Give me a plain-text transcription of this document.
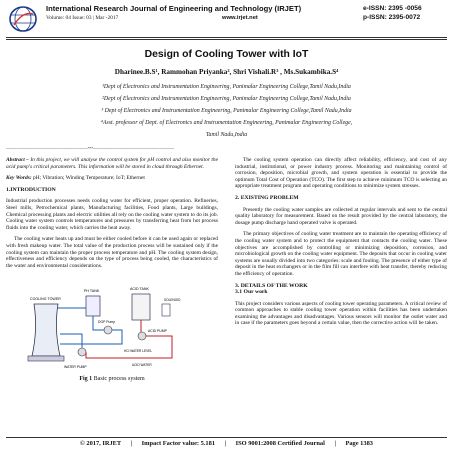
International Research Journal of Engineering and Technology (IRJET)	e-ISSN: 2395 -0056
p-ISSN: 2395-0072
Volume: 04 Issue: 03 | Mar -2017	www.irjet.net
Design of Cooling Tower with IoT
Dharinee.B.S¹, Rammohan Priyanka², Shri Vishali.R³ , Ms.Sukambika.S⁴
¹Dept of Electronics and Instrumentation Engineering, Panimalar Engineering College,Tamil Nadu,India
²Dept of Electronics and Instrumentation Engineering, Panimalar Engineering College,Tamil Nadu,India
³ Dept of Electronics and Instrumentation Engineering, Panimalar Engineering College,Tamil Nadu,India
⁴Asst. professor of Dept. of Electronics and Instrumentation Engineering, Panimalar Engineering College,
Tamil Nadu,India
------------------------------------------------------------------------***------------------------------------------------------------------------

Abstract – In this project, we will analyse the control system for pH control and also monitor the acid pump's critical parameters. This information will be stored in cloud through Ethernet.

Key Words: pH; Vibration; Winding Temperature; IoT; Ethernet

1.INTRODUCTION

Industrial production processes needs cooling water for efficient, proper operation. Refineries, Steel mills, Petrochemical plants, Manufacturing facilities, Food plants, Large buildings, Chemical processing plants and electric utilities all rely on the cooling water system to do its job. Cooling water system controls temperatures and pressures by transferring heat from hot process fluids into the cooling water, which carries the heat away.

The cooling water heats up and must be either cooled before it can be used again or replaced with fresh makeup water. The total value of the production process will be sustained only if the cooling system can maintain the proper process temperature and pH. The cooling system design, effectiveness and efficiency depends on the type of process being cooled, the characteristics of the water and environmental considerations.

COOLING TOWER
PH TANK	ACID TANK
DOP Pump
ACID PUMP
WATER PUMP
SOLENOID
HCl WATER LEVEL
ACID WATER
Fig 1 Basic process system

The cooling system operation can directly affect reliability, efficiency, and cost of any industrial, institutional, or power industry process. Monitoring and maintaining control of corrosion, deposition, microbial growth, and system operation is essential to provide the optimum Total Cost of Operation (TCO). The first step to achieve minimum TCO is selecting an appropriate treatment program and operating conditions to minimize system stresses.

2. EXISTING PROBLEM

Presently the cooling water samples are collected at regular intervals and sent to the central quality laboratory for measurement. Based on the result provided by the central laboratory, the dosage pump discharge hand operated valve is operated.

The primary objectives of cooling water treatment are to maintain the operating efficiency of the cooling water system and to protect the equipment that contacts the cooling water. These objectives are accomplished by controlling or minimizing deposition, corrosion, and microbiological growth on the cooling water equipment. The deposits that occur in cooling water systems are usually divided into two categories: scale and fouling. The presence of either type of deposit in the heat exchangers or in the film fill can interfere with heat transfer, thereby reducing the efficiency of operation.

3. DETAILS OF THE WORK
3.1 Our work

This project considers various aspects of cooling tower operating parameters. A critical review of common approaches to stable cooling tower operation within facilities has been undertaken examining the advantages and disadvantages. Various sensors will monitor the outlet water and in case if the parameters goes beyond a certain value, then the corrective action will be taken.

© 2017, IRJET      |      Impact Factor value: 5.181      |      ISO 9001:2008 Certified Journal      |      Page 1383
